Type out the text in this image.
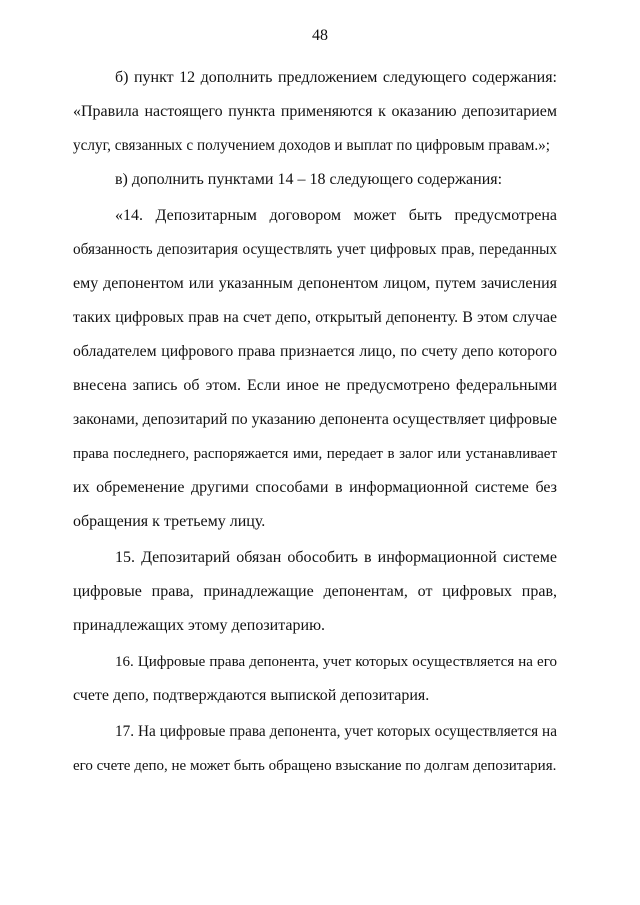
48
б) пункт 12 дополнить предложением следующего содержания:
«Правила настоящего пункта применяются к оказанию депозитарием
услуг, связанных с получением доходов и выплат по цифровым правам.»;
в) дополнить пунктами 14 – 18 следующего содержания:
«14. Депозитарным договором может быть предусмотрена
обязанность депозитария осуществлять учет цифровых прав, переданных
ему депонентом или указанным депонентом лицом, путем зачисления
таких цифровых прав на счет депо, открытый депоненту. В этом случае
обладателем цифрового права признается лицо, по счету депо которого
внесена запись об этом. Если иное не предусмотрено федеральными
законами, депозитарий по указанию депонента осуществляет цифровые
права последнего, распоряжается ими, передает в залог или устанавливает
их обременение другими способами в информационной системе без
обращения к третьему лицу.
15. Депозитарий обязан обособить в информационной системе
цифровые права, принадлежащие депонентам, от цифровых прав,
принадлежащих этому депозитарию.
16. Цифровые права депонента, учет которых осуществляется на его
счете депо, подтверждаются выпиской депозитария.
17. На цифровые права депонента, учет которых осуществляется на
его счете депо, не может быть обращено взыскание по долгам депозитария.
